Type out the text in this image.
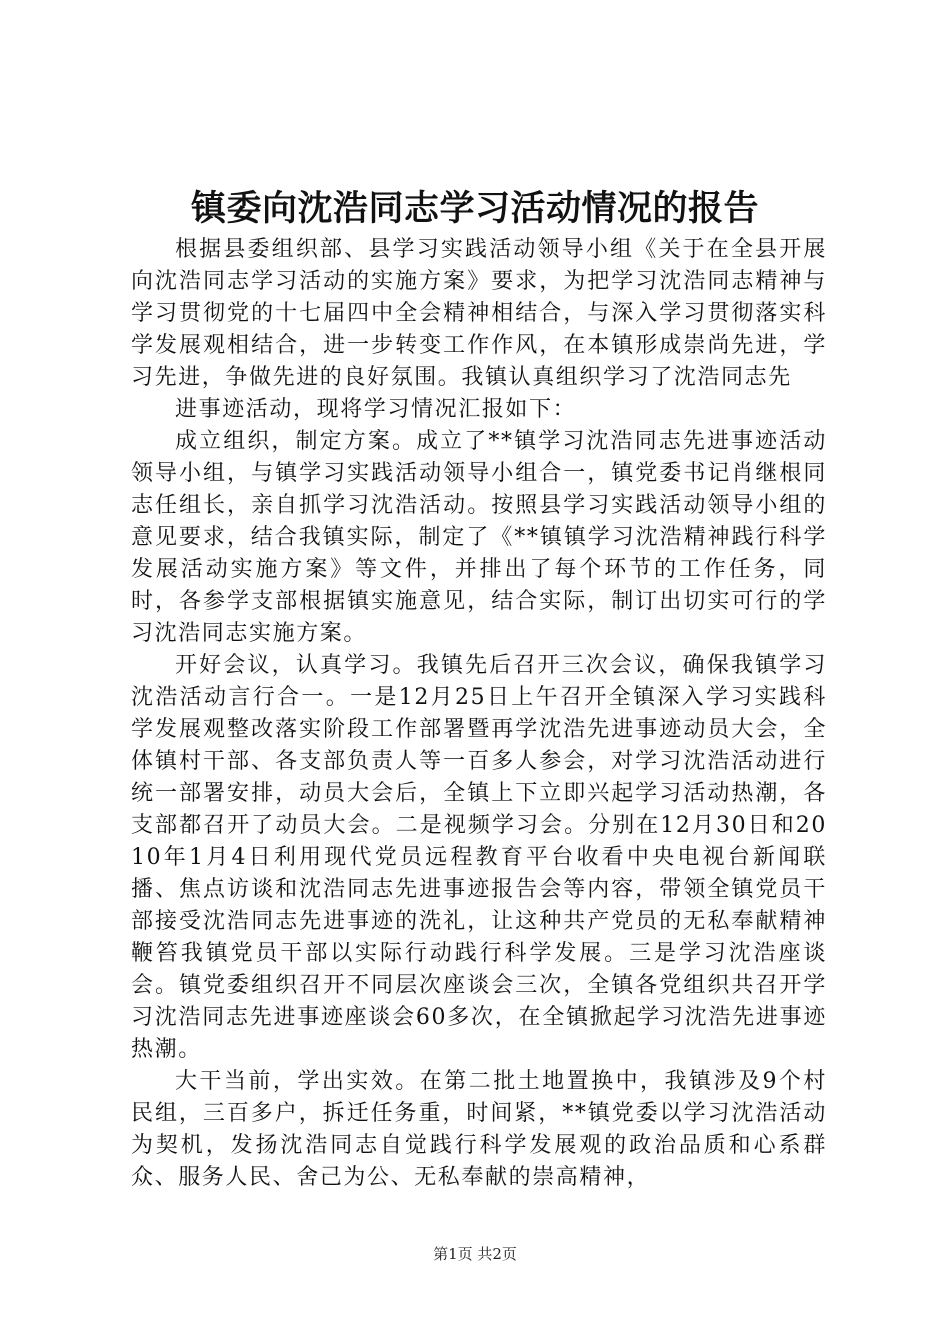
镇委向沈浩同志学习活动情况的报告

根据县委组织部、县学习实践活动领导小组《关于在全县开展向沈浩同志学习活动的实施方案》要求，为把学习沈浩同志精神与学习贯彻党的十七届四中全会精神相结合，与深入学习贯彻落实科学发展观相结合，进一步转变工作作风，在本镇形成崇尚先进，学习先进，争做先进的良好氛围。我镇认真组织学习了沈浩同志先

进事迹活动，现将学习情况汇报如下：

成立组织，制定方案。成立了**镇学习沈浩同志先进事迹活动领导小组，与镇学习实践活动领导小组合一，镇党委书记肖继根同志任组长，亲自抓学习沈浩活动。按照县学习实践活动领导小组的意见要求，结合我镇实际，制定了《**镇镇学习沈浩精神践行科学发展活动实施方案》等文件，并排出了每个环节的工作任务，同时，各参学支部根据镇实施意见，结合实际，制订出切实可行的学习沈浩同志实施方案。

开好会议，认真学习。我镇先后召开三次会议，确保我镇学习沈浩活动言行合一。一是12月25日上午召开全镇深入学习实践科学发展观整改落实阶段工作部署暨再学沈浩先进事迹动员大会，全体镇村干部、各支部负责人等一百多人参会，对学习沈浩活动进行统一部署安排，动员大会后，全镇上下立即兴起学习活动热潮，各支部都召开了动员大会。二是视频学习会。分别在12月30日和2010年1月4日利用现代党员远程教育平台收看中央电视台新闻联播、焦点访谈和沈浩同志先进事迹报告会等内容，带领全镇党员干部接受沈浩同志先进事迹的洗礼，让这种共产党员的无私奉献精神鞭笞我镇党员干部以实际行动践行科学发展。三是学习沈浩座谈会。镇党委组织召开不同层次座谈会三次，全镇各党组织共召开学习沈浩同志先进事迹座谈会60多次，在全镇掀起学习沈浩先进事迹热潮。

大干当前，学出实效。在第二批土地置换中，我镇涉及9个村民组，三百多户，拆迁任务重，时间紧，**镇党委以学习沈浩活动为契机，发扬沈浩同志自觉践行科学发展观的政治品质和心系群众、服务人民、舍己为公、无私奉献的崇高精神，

第1页 共2页
